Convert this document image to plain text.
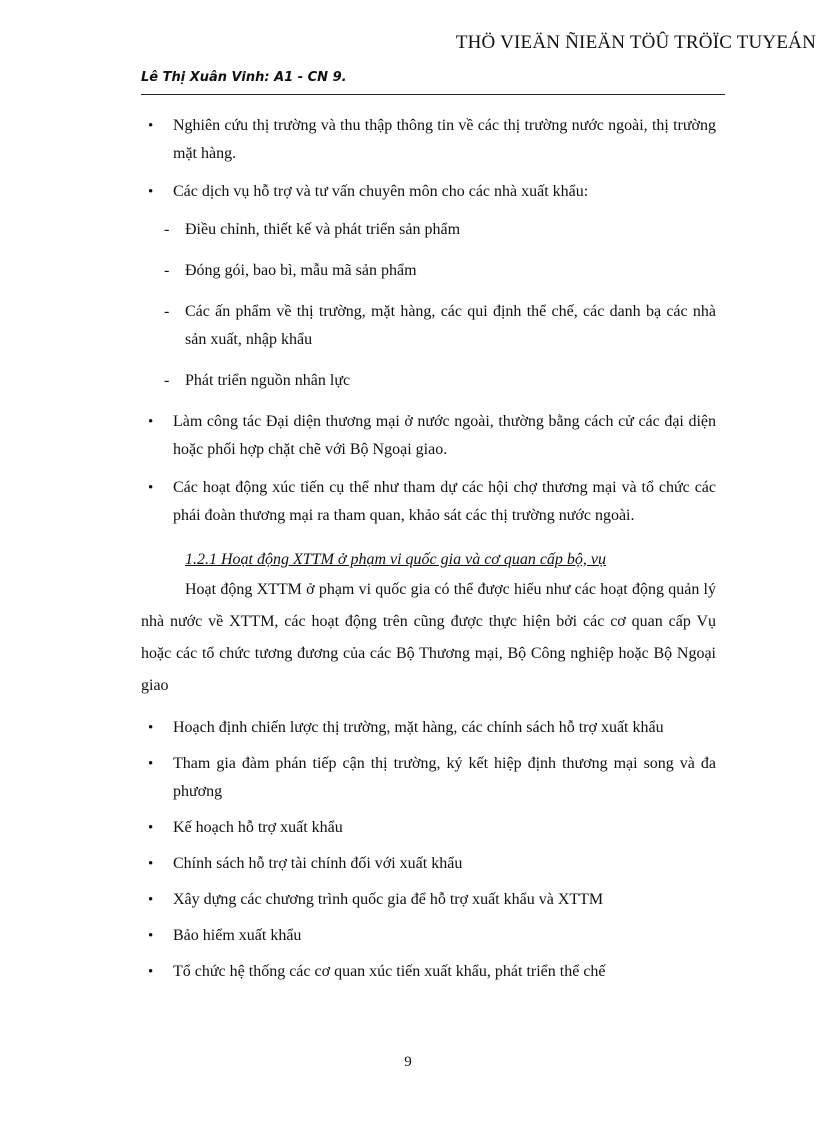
THÖ VIEÄN ÑIEÄN TÖÛ TRÖÏC TUYEÁN
Lê Thị Xuân Vinh: A1 - CN 9.
• Nghiên cứu thị trường và thu thập thông tin về các thị trường nước ngoài, thị trường mặt hàng.
• Các dịch vụ hỗ trợ và tư vấn chuyên môn cho các nhà xuất khẩu:
- Điều chỉnh, thiết kế và phát triển sản phẩm
- Đóng gói, bao bì, mẫu mã sản phẩm
- Các ấn phẩm về thị trường, mặt hàng, các qui định thể chế, các danh bạ các nhà sản xuất, nhập khẩu
- Phát triển nguồn nhân lực
• Làm công tác Đại diện thương mại ở nước ngoài, thường bằng cách cử các đại diện hoặc phối hợp chặt chẽ với Bộ Ngoại giao.
• Các hoạt động xúc tiến cụ thể như tham dự các hội chợ thương mại và tổ chức các phái đoàn thương mại ra tham quan, khảo sát các thị trường nước ngoài.
1.2.1 Hoạt động XTTM ở phạm vi quốc gia và cơ quan cấp bộ, vụ
Hoạt động XTTM ở phạm vi quốc gia có thể được hiểu như các hoạt động quản lý nhà nước về XTTM, các hoạt động trên cũng được thực hiện bởi các cơ quan cấp Vụ hoặc các tổ chức tương đương của các Bộ Thương mại, Bộ Công nghiệp hoặc Bộ Ngoại giao
• Hoạch định chiến lược thị trường, mặt hàng, các chính sách hỗ trợ xuất khẩu
• Tham gia đàm phán tiếp cận thị trường, ký kết hiệp định thương mại song và đa phương
• Kế hoạch hỗ trợ xuất khẩu
• Chính sách hỗ trợ tài chính đối với xuất khẩu
• Xây dựng các chương trình quốc gia để hỗ trợ xuất khẩu và XTTM
• Bảo hiểm xuất khẩu
• Tổ chức hệ thống các cơ quan xúc tiến xuất khẩu, phát triển thể chế
9
